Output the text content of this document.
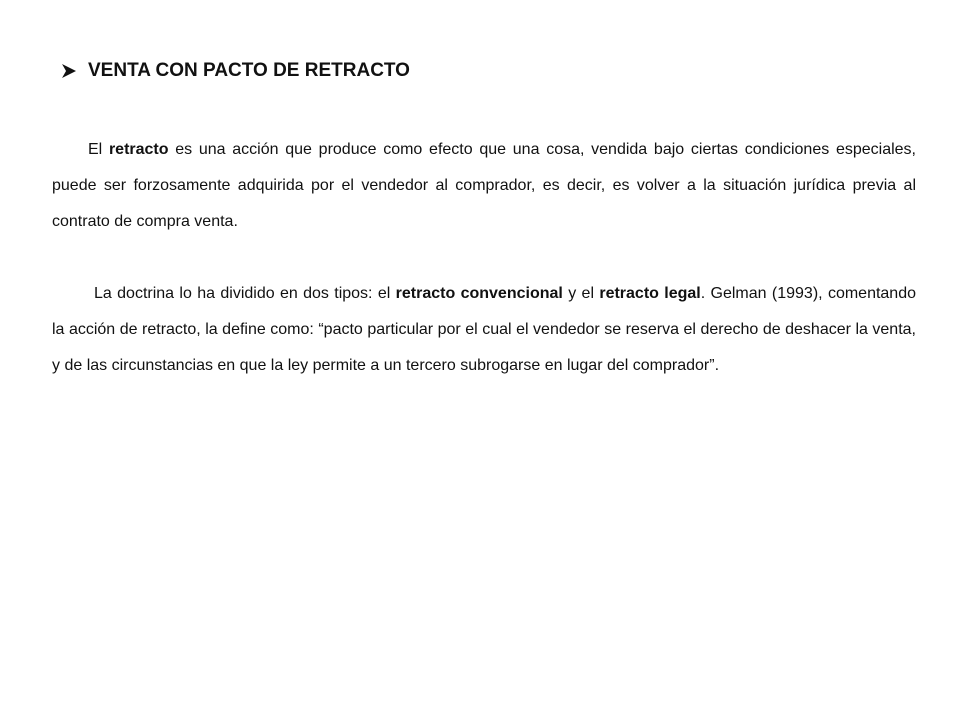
VENTA CON PACTO DE RETRACTO

El retracto es una acción que produce como efecto que una cosa, vendida bajo ciertas condiciones especiales, puede ser forzosamente adquirida por el vendedor al comprador, es decir, es volver a la situación jurídica previa al contrato de compra venta.

La doctrina lo ha dividido en dos tipos: el retracto convencional y el retracto legal. Gelman (1993), comentando la acción de retracto, la define como: “pacto particular por el cual el vendedor se reserva el derecho de deshacer la venta, y de las circunstancias en que la ley permite a un tercero subrogarse en lugar del comprador”.
